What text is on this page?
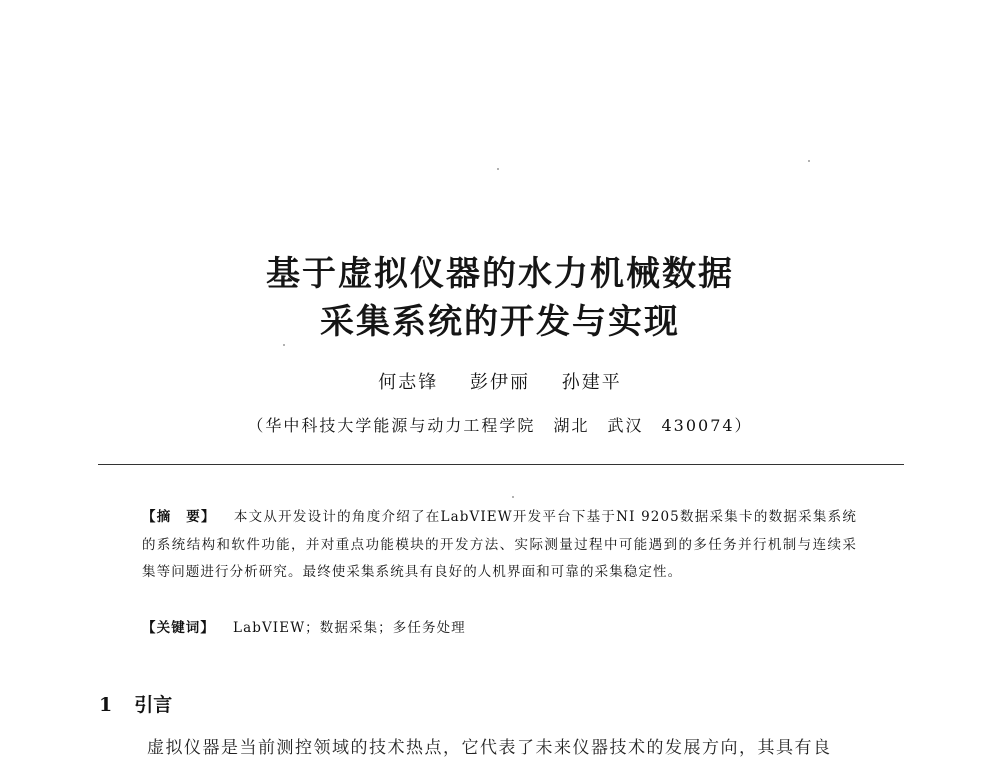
基于虚拟仪器的水力机械数据
采集系统的开发与实现
何志锋 彭伊丽 孙建平
（华中科技大学能源与动力工程学院 湖北 武汉 430074）

【摘　要】 本文从开发设计的角度介绍了在LabVIEW开发平台下基于NI 9205数据采集卡的数据采集系统的系统结构和软件功能，并对重点功能模块的开发方法、实际测量过程中可能遇到的多任务并行机制与连续采集等问题进行分析研究。最终使采集系统具有良好的人机界面和可靠的采集稳定性。

【关键词】 LabVIEW；数据采集；多任务处理
1 引言
虚拟仪器是当前测控领域的技术热点，它代表了未来仪器技术的发展方向，其具有良
